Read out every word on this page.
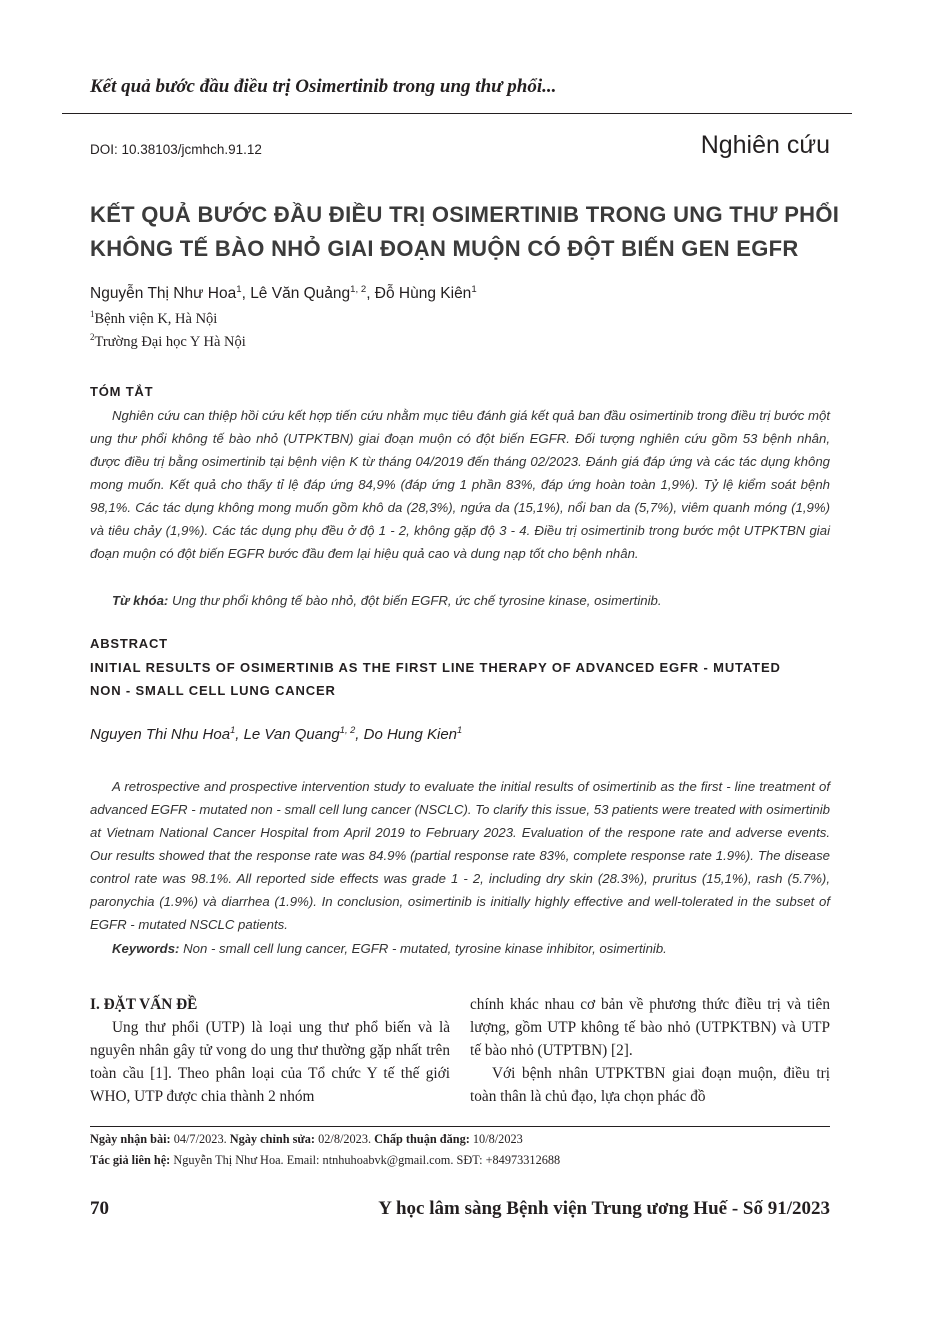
Kết quả bước đầu điều trị Osimertinib trong ung thư phổi...
DOI: 10.38103/jcmhch.91.12	Nghiên cứu
KẾT QUẢ BƯỚC ĐẦU ĐIỀU TRỊ OSIMERTINIB TRONG UNG THƯ PHỔI
KHÔNG TẾ BÀO NHỎ GIAI ĐOẠN MUỘN CÓ ĐỘT BIẾN GEN EGFR
Nguyễn Thị Như Hoa$^1$, Lê Văn Quảng$^{1, 2}$, Đỗ Hùng Kiên$^1$
$^1$Bệnh viện K, Hà Nội
$^2$Trường Đại học Y Hà Nội
TÓM TẮT
Nghiên cứu can thiệp hồi cứu kết hợp tiến cứu nhằm mục tiêu đánh giá kết quả ban đầu osimertinib trong điều trị bước một ung thư phổi không tế bào nhỏ (UTPKTBN) giai đoạn muộn có đột biến EGFR. Đối tượng nghiên cứu gồm 53 bệnh nhân, được điều trị bằng osimertinib tại bệnh viện K từ tháng 04/2019 đến tháng 02/2023. Đánh giá đáp ứng và các tác dụng không mong muốn. Kết quả cho thấy tỉ lệ đáp ứng 84,9% (đáp ứng 1 phần 83%, đáp ứng hoàn toàn 1,9%). Tỷ lệ kiểm soát bệnh 98,1%. Các tác dụng không mong muốn gồm khô da (28,3%), ngứa da (15,1%), nổi ban da (5,7%), viêm quanh móng (1,9%) và tiêu chảy (1,9%). Các tác dụng phụ đều ở độ 1 - 2, không gặp độ 3 - 4. Điều trị osimertinib trong bước một UTPKTBN giai đoạn muộn có đột biến EGFR bước đầu đem lại hiệu quả cao và dung nạp tốt cho bệnh nhân.
Từ khóa: Ung thư phổi không tế bào nhỏ, đột biến EGFR, ức chế tyrosine kinase, osimertinib.
ABSTRACT
INITIAL RESULTS OF OSIMERTINIB AS THE FIRST LINE THERAPY OF ADVANCED EGFR - MUTATED
NON - SMALL CELL LUNG CANCER
Nguyen Thi Nhu Hoa$^1$, Le Van Quang$^{1, 2}$, Do Hung Kien$^1$
A retrospective and prospective intervention study to evaluate the initial results of osimertinib as the first - line treatment of advanced EGFR - mutated non - small cell lung cancer (NSCLC). To clarify this issue, 53 patients were treated with osimertinib at Vietnam National Cancer Hospital from April 2019 to February 2023. Evaluation of the respone rate and adverse events. Our results showed that the response rate was 84.9% (partial response rate 83%, complete response rate 1.9%). The disease control rate was 98.1%. All reported side effects was grade 1 - 2, including dry skin (28.3%), pruritus (15,1%), rash (5.7%), paronychia (1.9%) và diarrhea (1.9%). In conclusion, osimertinib is initially highly effective and well-tolerated in the subset of EGFR - mutated NSCLC patients.
Keywords: Non - small cell lung cancer, EGFR - mutated, tyrosine kinase inhibitor, osimertinib.
I. ĐẶT VẤN ĐỀ

Ung thư phổi (UTP) là loại ung thư phổ biến và là nguyên nhân gây tử vong do ung thư thường gặp nhất trên toàn cầu [1]. Theo phân loại của Tổ chức Y tế thế giới WHO, UTP được chia thành 2 nhóm

chính khác nhau cơ bản về phương thức điều trị và tiên lượng, gồm UTP không tế bào nhỏ (UTPKTBN) và UTP tế bào nhỏ (UTPTBN) [2].

Với bệnh nhân UTPKTBN giai đoạn muộn, điều trị toàn thân là chủ đạo, lựa chọn phác đồ

Ngày nhận bài: 04/7/2023. Ngày chỉnh sửa: 02/8/2023. Chấp thuận đăng: 10/8/2023
Tác giả liên hệ: Nguyễn Thị Như Hoa. Email: ntnhuhoabvk@gmail.com. SĐT: +84973312688
70	Y học lâm sàng Bệnh viện Trung ương Huế - Số 91/2023
